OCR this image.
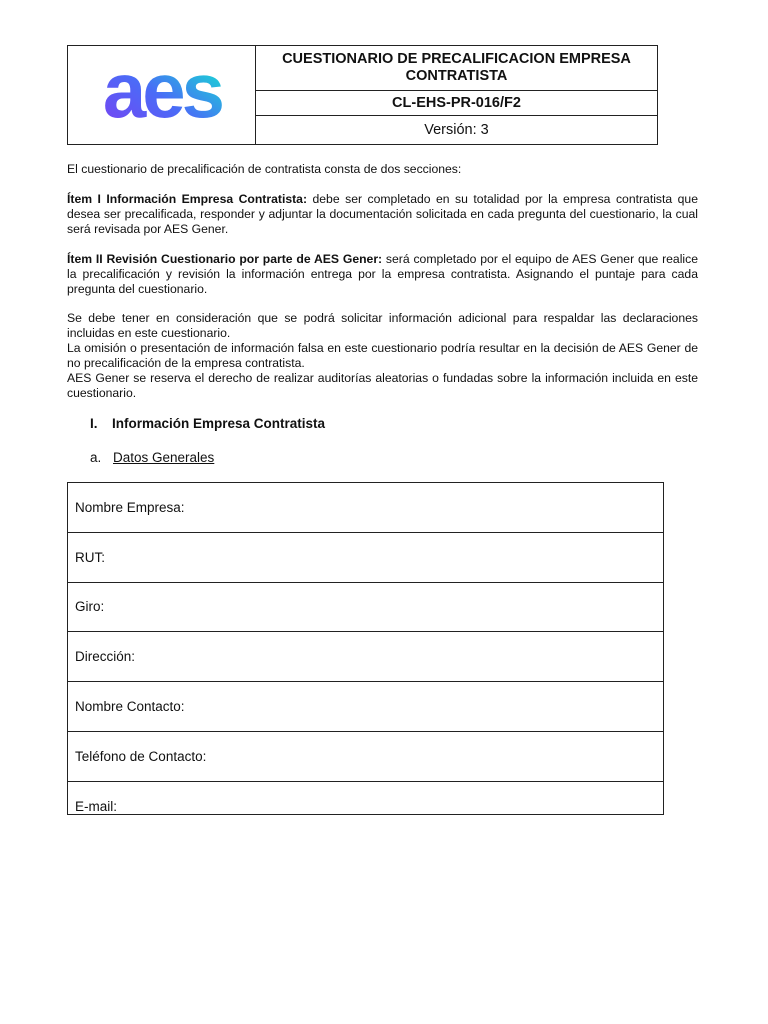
aes	CUESTIONARIO DE PRECALIFICACION EMPRESA CONTRATISTA
CL-EHS-PR-016/F2
Versión: 3
El cuestionario de precalificación de contratista consta de dos secciones:
Ítem I Información Empresa Contratista: debe ser completado en su totalidad por la empresa contratista que desea ser precalificada, responder y adjuntar la documentación solicitada en cada pregunta del cuestionario, la cual será revisada por AES Gener.
Ítem II Revisión Cuestionario por parte de AES Gener: será completado por el equipo de AES Gener que realice la precalificación y revisión la información entrega por la empresa contratista. Asignando el puntaje para cada pregunta del cuestionario.
Se debe tener en consideración que se podrá solicitar información adicional para respaldar las declaraciones incluidas en este cuestionario.
La omisión o presentación de información falsa en este cuestionario podría resultar en la decisión de AES Gener de no precalificación de la empresa contratista.
AES Gener se reserva el derecho de realizar auditorías aleatorias o fundadas sobre la información incluida en este cuestionario.
I. Información Empresa Contratista
a. Datos Generales
Nombre Empresa:
RUT:
Giro:
Dirección:
Nombre Contacto:
Teléfono de Contacto:
E-mail:
